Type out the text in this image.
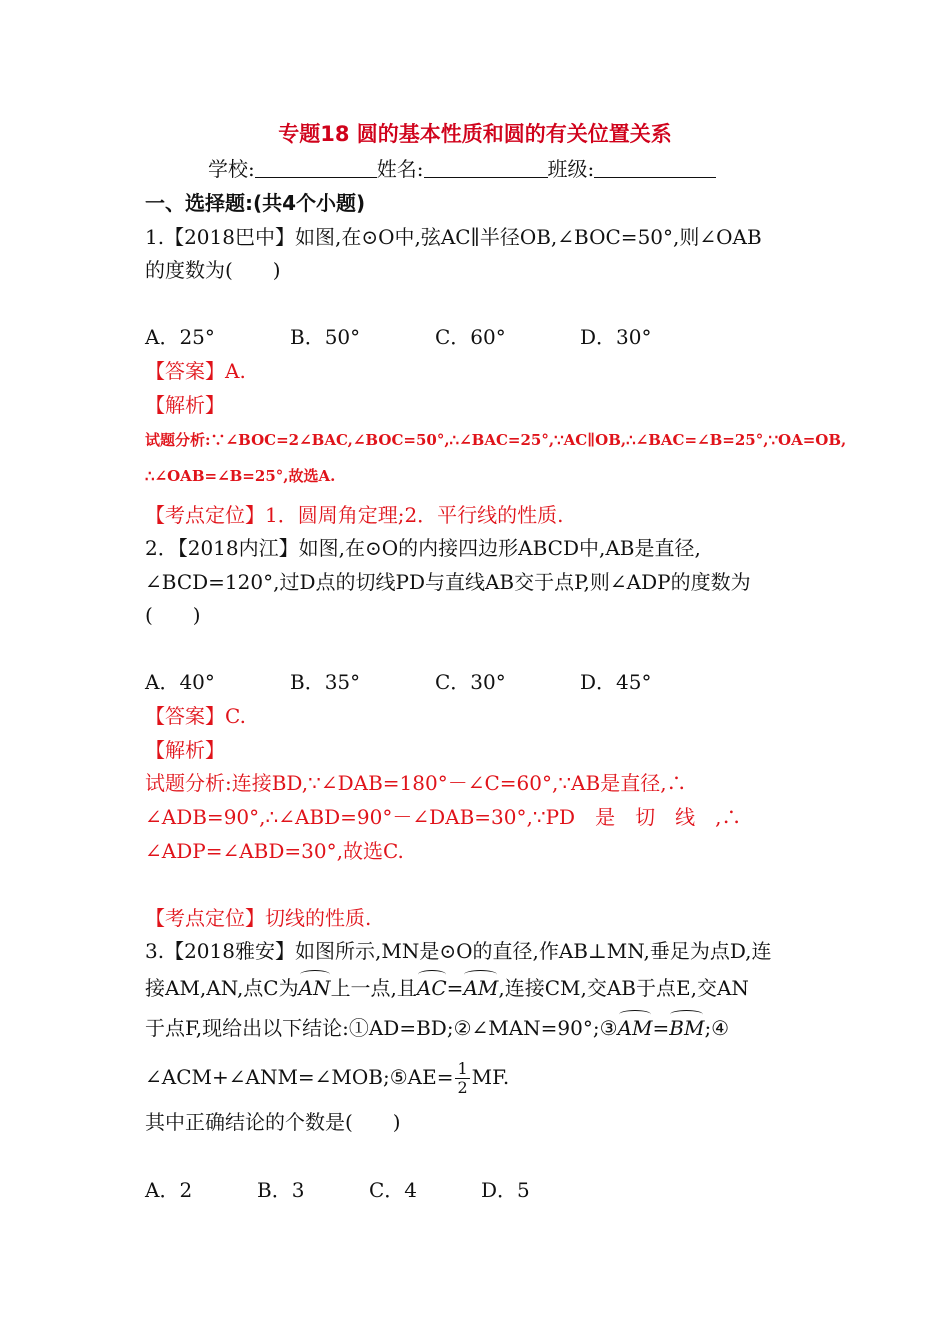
专题18 圆的基本性质和圆的有关位置关系
学校:	姓名:	班级:
一、选择题:(共4个小题)
1.【2018巴中】如图,在⊙O中,弦AC∥半径OB,∠BOC=50°,则∠OAB
的度数为(　　)
A．25°	B．50°	C．60°	D．30°
【答案】A.
【解析】
试题分析:∵∠BOC=2∠BAC,∠BOC=50°,∴∠BAC=25°,∵AC∥OB,∴∠BAC=∠B=25°,∵OA=OB,
∴∠OAB=∠B=25°,故选A.
【考点定位】1．圆周角定理;2．平行线的性质.
2．【2018内江】如图,在⊙O的内接四边形ABCD中,AB是直径,
∠BCD=120°,过D点的切线PD与直线AB交于点P,则∠ADP的度数为
(　　)
A．40°	B．35°	C．30°	D．45°
【答案】C.
【解析】
试题分析:连接BD,∵∠DAB=180°－∠C=60°,∵AB是直径,∴
∠ADB=90°,∴∠ABD=90°－∠DAB=30°,∵PD　是　切　线　,∴
∠ADP=∠ABD=30°,故选C.
【考点定位】切线的性质.
3.【2018雅安】如图所示,MN是⊙O的直径,作AB⊥MN,垂足为点D,连
接AM,AN,点C为AN上一点,且AC=AM,连接CM,交AB于点E,交AN
于点F,现给出以下结论:①AD=BD;②∠MAN=90°;③AM=BM;④
∠ACM+∠ANM=∠MOB;⑤AE= $\frac{1}{2}$ MF.
其中正确结论的个数是(　　)
A．2	B．3	C．4	D．5
